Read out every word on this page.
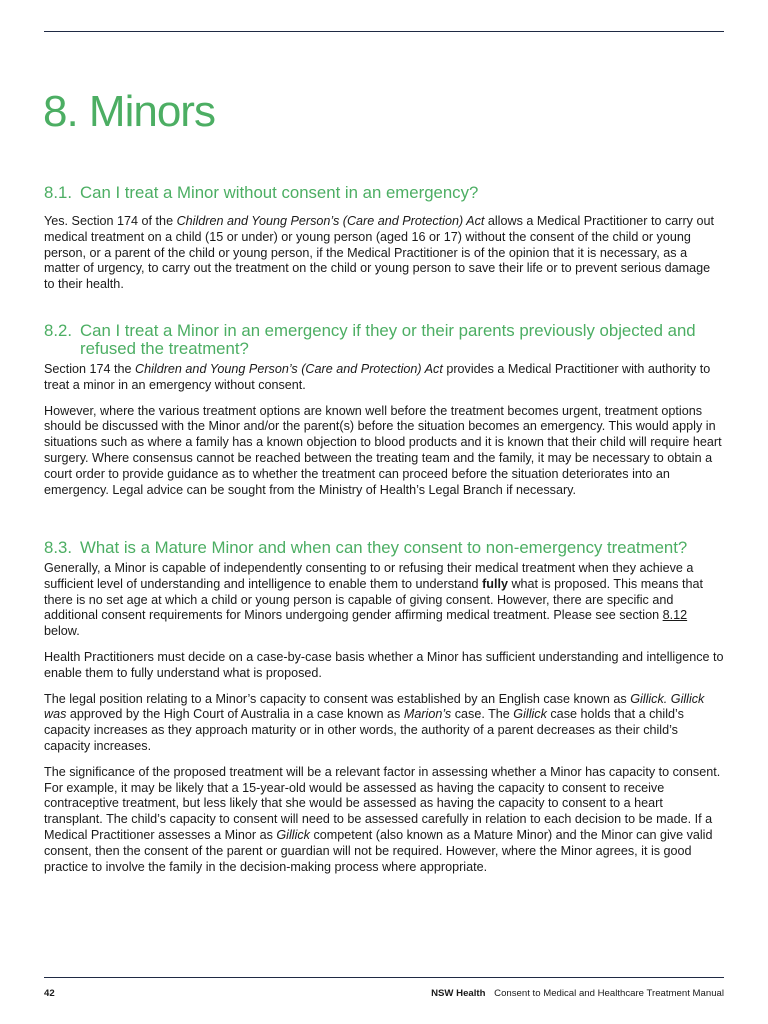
8. Minors
8.1. Can I treat a Minor without consent in an emergency?

Yes. Section 174 of the Children and Young Person’s (Care and Protection) Act allows a Medical Practitioner to carry out medical treatment on a child (15 or under) or young person (aged 16 or 17) without the consent of the child or young person, or a parent of the child or young person, if the Medical Practitioner is of the opinion that it is necessary, as a matter of urgency, to carry out the treatment on the child or young person to save their life or to prevent serious damage to their health.

8.2. Can I treat a Minor in an emergency if they or their parents previously objected and refused the treatment?

Section 174 the Children and Young Person’s (Care and Protection) Act provides a Medical Practitioner with authority to treat a minor in an emergency without consent.

However, where the various treatment options are known well before the treatment becomes urgent, treatment options should be discussed with the Minor and/or the parent(s) before the situation becomes an emergency. This would apply in situations such as where a family has a known objection to blood products and it is known that their child will require heart surgery. Where consensus cannot be reached between the treating team and the family, it may be necessary to obtain a court order to provide guidance as to whether the treatment can proceed before the situation deteriorates into an emergency. Legal advice can be sought from the Ministry of Health’s Legal Branch if necessary.

8.3. What is a Mature Minor and when can they consent to non-emergency treatment?

Generally, a Minor is capable of independently consenting to or refusing their medical treatment when they achieve a sufficient level of understanding and intelligence to enable them to understand fully what is proposed. This means that there is no set age at which a child or young person is capable of giving consent. However, there are specific and additional consent requirements for Minors undergoing gender affirming medical treatment. Please see section 8.12 below.

Health Practitioners must decide on a case-by-case basis whether a Minor has sufficient understanding and intelligence to enable them to fully understand what is proposed.

The legal position relating to a Minor’s capacity to consent was established by an English case known as Gillick. Gillick was approved by the High Court of Australia in a case known as Marion’s case. The Gillick case holds that a child’s capacity increases as they approach maturity or in other words, the authority of a parent decreases as their child’s capacity increases.

The significance of the proposed treatment will be a relevant factor in assessing whether a Minor has capacity to consent. For example, it may be likely that a 15-year-old would be assessed as having the capacity to consent to receive contraceptive treatment, but less likely that she would be assessed as having the capacity to consent to a heart transplant. The child’s capacity to consent will need to be assessed carefully in relation to each decision to be made. If a Medical Practitioner assesses a Minor as Gillick competent (also known as a Mature Minor) and the Minor can give valid consent, then the consent of the parent or guardian will not be required. However, where the Minor agrees, it is good practice to involve the family in the decision-making process where appropriate.

42	NSW Health Consent to Medical and Healthcare Treatment Manual
